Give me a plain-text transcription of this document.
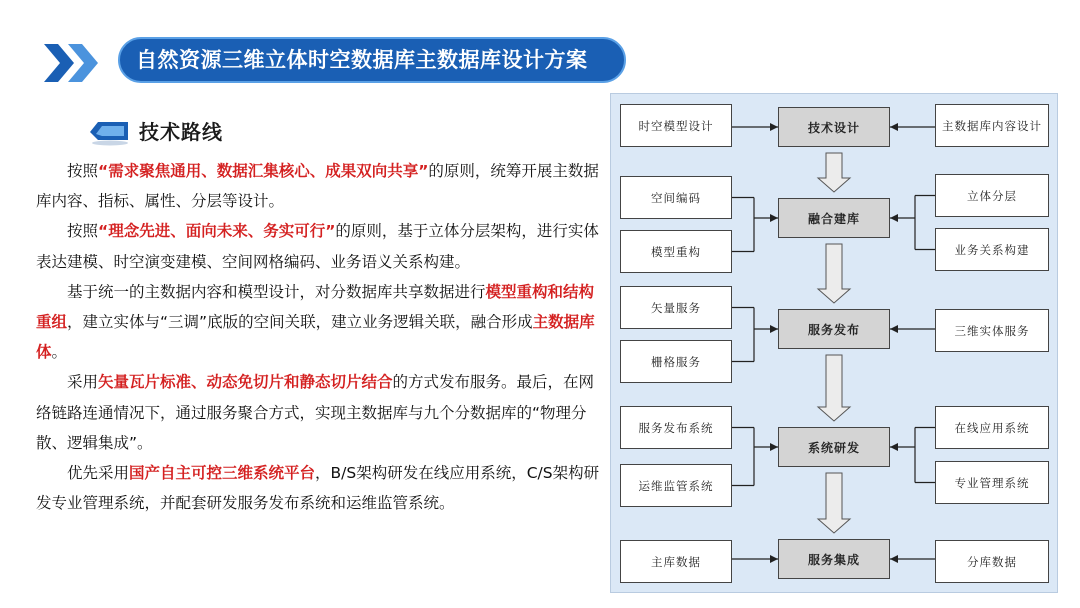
自然资源三维立体时空数据库主数据库设计方案
技术路线

按照“需求聚焦通用、数据汇集核心、成果双向共享”的原则，统筹开展主数据库内容、指标、属性、分层等设计。

按照“理念先进、面向未来、务实可行”的原则，基于立体分层架构，进行实体表达建模、时空演变建模、空间网格编码、业务语义关系构建。

基于统一的主数据内容和模型设计，对分数据库共享数据进行模型重构和结构重组，建立实体与“三调”底版的空间关联，建立业务逻辑关联，融合形成主数据库体。

采用矢量瓦片标准、动态免切片和静态切片结合的方式发布服务。最后，在网络链路连通情况下，通过服务聚合方式，实现主数据库与九个分数据库的“物理分散、逻辑集成”。

优先采用国产自主可控三维系统平台，B/S架构研发在线应用系统，C/S架构研发专业管理系统，并配套研发服务发布系统和运维监管系统。

技术设计
时空模型设计	主数据库内容设计
融合建库
空间编码
模型重构
立体分层
业务关系构建
服务发布
矢量服务
栅格服务
三维实体服务
系统研发
服务发布系统
运维监管系统
在线应用系统
专业管理系统
服务集成
主库数据	分库数据
